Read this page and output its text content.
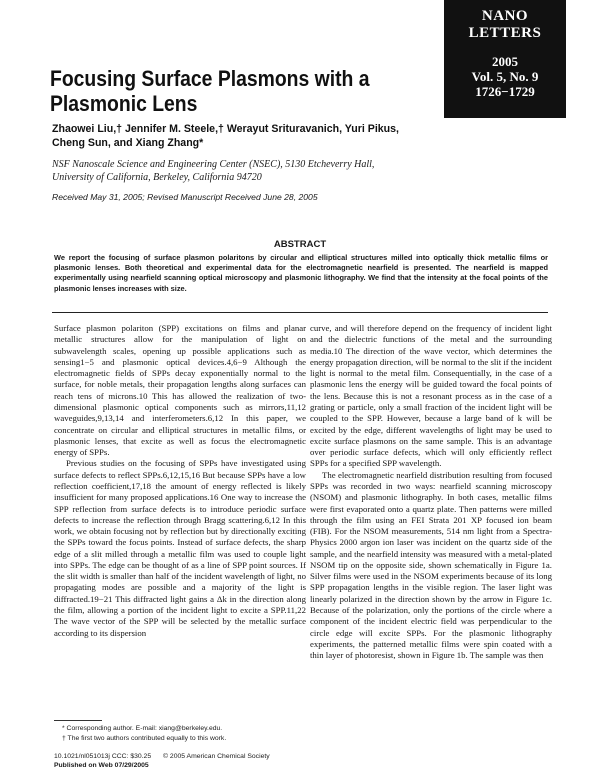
NANO
LETTERS
2005
Vol. 5, No. 9
1726−1729
Focusing Surface Plasmons with a
Plasmonic Lens
Zhaowei Liu,† Jennifer M. Steele,† Werayut Srituravanich, Yuri Pikus,
Cheng Sun, and Xiang Zhang*
NSF Nanoscale Science and Engineering Center (NSEC), 5130 Etcheverry Hall,
University of California, Berkeley, California 94720
Received May 31, 2005; Revised Manuscript Received June 28, 2005
ABSTRACT
We report the focusing of surface plasmon polaritons by circular and elliptical structures milled into optically thick metallic films or plasmonic lenses. Both theoretical and experimental data for the electromagnetic nearfield is presented. The nearfield is mapped experimentally using nearfield scanning optical microscopy and plasmonic lithography. We find that the intensity at the focal points of the plasmonic lenses increases with size.

Surface plasmon polariton (SPP) excitations on films and planar metallic structures allow for the manipulation of light on subwavelength scales, opening up possible applications such as sensing1−5 and plasmonic optical devices.4,6−9 Although the electromagnetic fields of SPPs decay exponentially normal to the surface, for noble metals, their propagation lengths along surfaces can reach tens of microns.10 This has allowed the realization of two-dimensional plasmonic optical components such as mirrors,11,12 waveguides,9,13,14 and interferometers.6,12 In this paper, we concentrate on circular and elliptical structures in metallic films, or plasmonic lenses, that excite as well as focus the electromagnetic energy of SPPs.

Previous studies on the focusing of SPPs have investigated using surface defects to reflect SPPs.6,12,15,16 But because SPPs have a low reflection coefficient,17,18 the amount of energy reflected is likely insufficient for many proposed applications.16 One way to increase the SPP reflection from surface defects is to introduce periodic surface defects to increase the reflection through Bragg scattering.6,12 In this work, we obtain focusing not by reflection but by directionally exciting the SPPs toward the focus points. Instead of surface defects, the sharp edge of a slit milled through a metallic film was used to couple light into SPPs. The edge can be thought of as a line of SPP point sources. If the slit width is smaller than half of the incident wavelength of light, no propagating modes are possible and a majority of the light is diffracted.19−21 This diffracted light gains a Δk in the direction along the film, allowing a portion of the incident light to excite a SPP.11,22 The wave vector of the SPP will be selected by the metallic surface according to its dispersion

curve, and will therefore depend on the frequency of incident light and the dielectric functions of the metal and the surrounding media.10 The direction of the wave vector, which determines the energy propagation direction, will be normal to the slit if the incident light is normal to the metal film. Consequentially, in the case of a plasmonic lens the energy will be guided toward the focal points of the lens. Because this is not a resonant process as in the case of a grating or particle, only a small fraction of the incident light will be coupled to the SPP. However, because a large band of k will be excited by the edge, different wavelengths of light may be used to excite surface plasmons on the same sample. This is an advantage over periodic surface defects, which will only efficiently reflect SPPs for a specified SPP wavelength.

The electromagnetic nearfield distribution resulting from focused SPPs was recorded in two ways: nearfield scanning microscopy (NSOM) and plasmonic lithography. In both cases, metallic films were first evaporated onto a quartz plate. Then patterns were milled through the film using an FEI Strata 201 XP focused ion beam (FIB). For the NSOM measurements, 514 nm light from a Spectra-Physics 2000 argon ion laser was incident on the quartz side of the sample, and the nearfield intensity was measured with a metal-plated NSOM tip on the opposite side, shown schematically in Figure 1a. Silver films were used in the NSOM experiments because of its long SPP propagation lengths in the visible region. The laser light was linearly polarized in the direction shown by the arrow in Figure 1c. Because of the polarization, only the portions of the circle where a component of the incident electric field was perpendicular to the circle edge will excite SPPs. For the plasmonic lithography experiments, the patterned metallic films were spin coated with a thin layer of photoresist, shown in Figure 1b. The sample was then

* Corresponding author. E-mail: xiang@berkeley.edu.
† The first two authors contributed equally to this work.
10.1021/nl051013j CCC: $30.25 © 2005 American Chemical Society
Published on Web 07/29/2005
